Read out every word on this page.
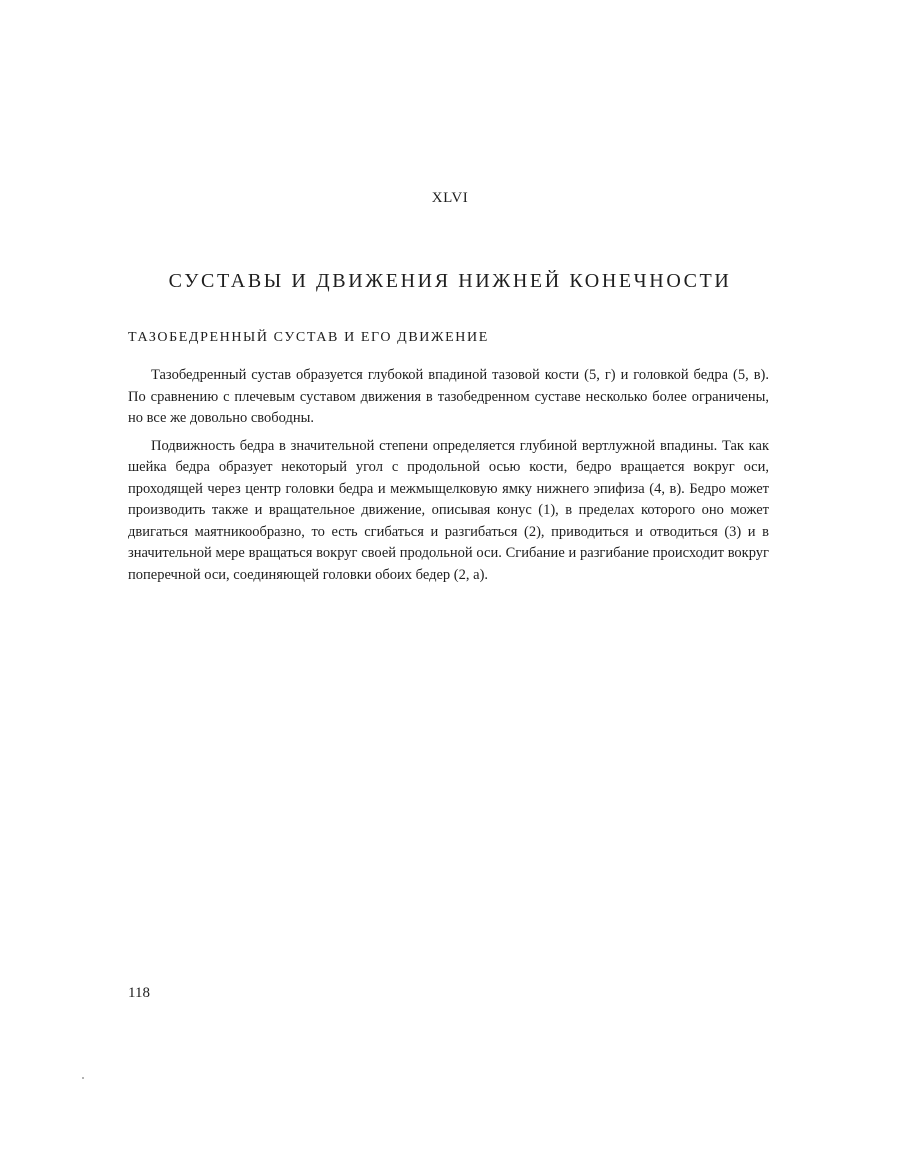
XLVI
СУСТАВЫ И ДВИЖЕНИЯ НИЖНЕЙ КОНЕЧНОСТИ
ТАЗОБЕДРЕННЫЙ СУСТАВ И ЕГО ДВИЖЕНИЕ

Тазобедренный сустав образуется глубокой впадиной тазовой кости (5, г) и головкой бедра (5, в). По сравнению с плечевым суставом движения в тазобедренном суставе несколько более ограничены, но все же довольно свободны.

Подвижность бедра в значительной степени определяется глубиной вертлужной впадины. Так как шейка бедра образует некоторый угол с продольной осью кости, бедро вращается вокруг оси, проходящей через центр головки бедра и межмыщелковую ямку нижнего эпифиза (4, в). Бедро может производить также и вращательное движение, описывая конус (1), в пределах которого оно может двигаться маятникообразно, то есть сгибаться и разгибаться (2), приводиться и отводиться (3) и в значительной мере вращаться вокруг своей продольной оси. Сгибание и разгибание происходит вокруг поперечной оси, соединяющей головки обоих бедер (2, а).

118
